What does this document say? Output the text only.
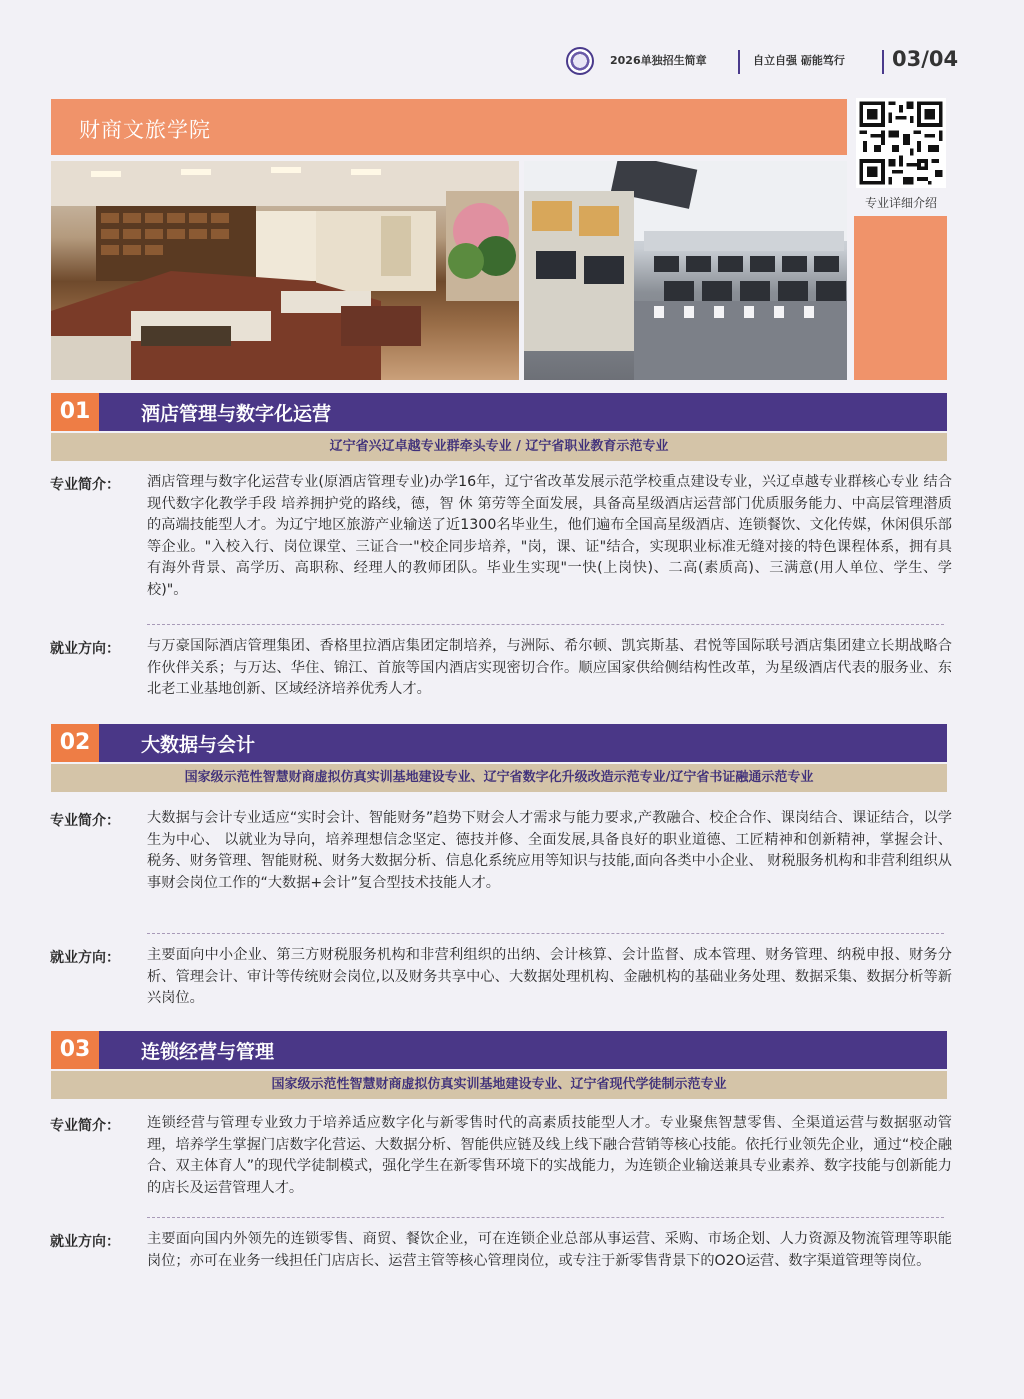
2026单独招生简章	自立自强 砺能笃行 03/04
财商文旅学院
专业详细介绍
01	酒店管理与数字化运营
辽宁省兴辽卓越专业群牵头专业 / 辽宁省职业教育示范专业
专业简介： 酒店管理与数字化运营专业(原酒店管理专业)办学16年，辽宁省改革发展示范学校重点建设专业，兴辽卓越专业群核心专业 结合现代数字化教学手段 培养拥护党的路线，德，智 休 第劳等全面发展，具备高星级酒店运营部门优质服务能力、中高层管理潜质的高端技能型人才。为辽宁地区旅游产业输送了近1300名毕业生，他们遍布全国高星级酒店、连锁餐饮、文化传媒，休闲俱乐部等企业。"入校入行、岗位课堂、三证合一"校企同步培养，"岗，课、证"结合，实现职业标准无缝对接的特色课程体系，拥有具有海外背景、高学历、高职称、经理人的教师团队。毕业生实现"一快(上岗快)、二高(素质高)、三满意(用人单位、学生、学校)"。
就业方向： 与万豪国际酒店管理集团、香格里拉酒店集团定制培养，与洲际、希尔顿、凯宾斯基、君悦等国际联号酒店集团建立长期战略合作伙伴关系；与万达、华住、锦江、首旅等国内酒店实现密切合作。顺应国家供给侧结构性改革，为星级酒店代表的服务业、东北老工业基地创新、区域经济培养优秀人才。
02	大数据与会计
国家级示范性智慧财商虚拟仿真实训基地建设专业、辽宁省数字化升级改造示范专业/辽宁省书证融通示范专业
专业简介： 大数据与会计专业适应“实时会计、智能财务”趋势下财会人才需求与能力要求,产教融合、校企合作、课岗结合、课证结合，以学生为中心、 以就业为导向，培养理想信念坚定、德技并修、全面发展,具备良好的职业道德、工匠精神和创新精神，掌握会计、 税务、财务管理、智能财税、财务大数据分析、信息化系统应用等知识与技能,面向各类中小企业、 财税服务机构和非营利组织从事财会岗位工作的“大数据+会计”复合型技术技能人才。
就业方向： 主要面向中小企业、第三方财税服务机构和非营利组织的出纳、会计核算、会计监督、成本管理、财务管理、纳税申报、财务分析、管理会计、审计等传统财会岗位,以及财务共享中心、大数据处理机构、金融机构的基础业务处理、数据采集、数据分析等新兴岗位。
03	连锁经营与管理
国家级示范性智慧财商虚拟仿真实训基地建设专业、辽宁省现代学徒制示范专业
专业简介： 连锁经营与管理专业致力于培养适应数字化与新零售时代的高素质技能型人才。专业聚焦智慧零售、全渠道运营与数据驱动管理，培养学生掌握门店数字化营运、大数据分析、智能供应链及线上线下融合营销等核心技能。依托行业领先企业，通过“校企融合、双主体育人”的现代学徒制模式，强化学生在新零售环境下的实战能力，为连锁企业输送兼具专业素养、数字技能与创新能力的店长及运营管理人才。
就业方向： 主要面向国内外领先的连锁零售、商贸、餐饮企业，可在连锁企业总部从事运营、采购、市场企划、人力资源及物流管理等职能岗位；亦可在业务一线担任门店店长、运营主管等核心管理岗位，或专注于新零售背景下的O2O运营、数字渠道管理等岗位。
